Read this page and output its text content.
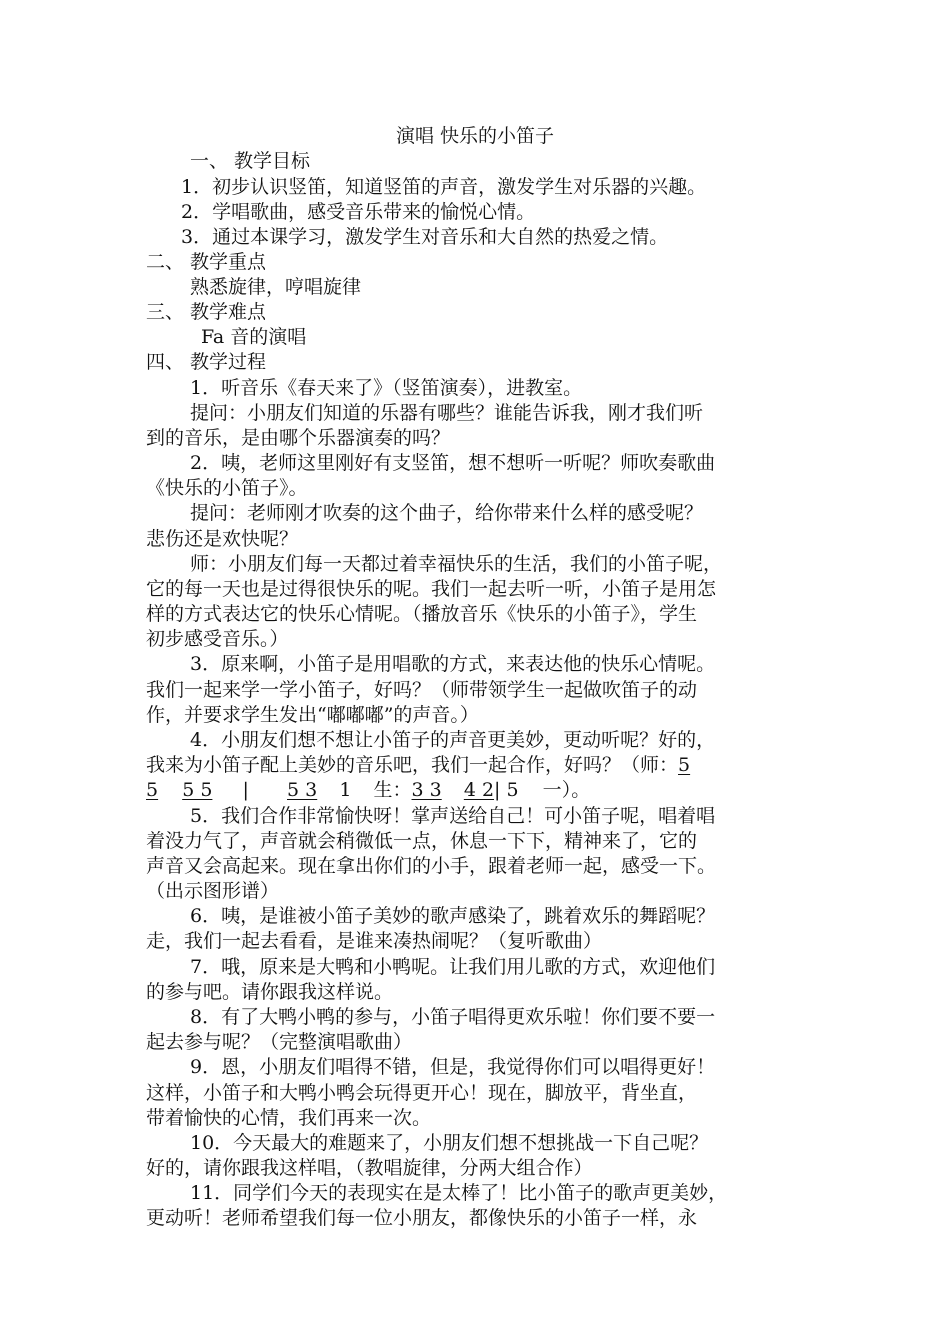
演唱 快乐的小笛子
一、 教学目标
1．初步认识竖笛，知道竖笛的声音，激发学生对乐器的兴趣。
2．学唱歌曲，感受音乐带来的愉悦心情。
3．通过本课学习，激发学生对音乐和大自然的热爱之情。
二、 教学重点
熟悉旋律，哼唱旋律
三、 教学难点
Fa 音的演唱
四、 教学过程
1．听音乐《春天来了》（竖笛演奏），进教室。
提问：小朋友们知道的乐器有哪些？谁能告诉我，刚才我们听
到的音乐，是由哪个乐器演奏的吗？
2．咦，老师这里刚好有支竖笛，想不想听一听呢？师吹奏歌曲
《快乐的小笛子》。
提问：老师刚才吹奏的这个曲子，给你带来什么样的感受呢？
悲伤还是欢快呢？
师：小朋友们每一天都过着幸福快乐的生活，我们的小笛子呢，
它的每一天也是过得很快乐的呢。我们一起去听一听，小笛子是用怎
样的方式表达它的快乐心情呢。（播放音乐《快乐的小笛子》，学生
初步感受音乐。）
3．原来啊，小笛子是用唱歌的方式，来表达他的快乐心情呢。
我们一起来学一学小笛子，好吗？（师带领学生一起做吹笛子的动
作，并要求学生发出“嘟嘟嘟”的声音。）
4．小朋友们想不想让小笛子的声音更美妙，更动听呢？好的，
我来为小笛子配上美妙的音乐吧，我们一起合作，好吗？（师：5
5 5 5 | 5 3 1 生：3 3 4 2| 5 一）。
5．我们合作非常愉快呀！掌声送给自己！可小笛子呢，唱着唱
着没力气了，声音就会稍微低一点，休息一下下，精神来了，它的
声音又会高起来。现在拿出你们的小手，跟着老师一起，感受一下。
（出示图形谱）
6．咦，是谁被小笛子美妙的歌声感染了，跳着欢乐的舞蹈呢？
走，我们一起去看看，是谁来凑热闹呢？（复听歌曲）
7．哦，原来是大鸭和小鸭呢。让我们用儿歌的方式，欢迎他们
的参与吧。请你跟我这样说。
8．有了大鸭小鸭的参与，小笛子唱得更欢乐啦！你们要不要一
起去参与呢？（完整演唱歌曲）
9．恩，小朋友们唱得不错，但是，我觉得你们可以唱得更好！
这样，小笛子和大鸭小鸭会玩得更开心！现在，脚放平，背坐直，
带着愉快的心情，我们再来一次。
10．今天最大的难题来了，小朋友们想不想挑战一下自己呢？
好的，请你跟我这样唱，（教唱旋律，分两大组合作）
11．同学们今天的表现实在是太棒了！比小笛子的歌声更美妙，
更动听！老师希望我们每一位小朋友，都像快乐的小笛子一样，永
